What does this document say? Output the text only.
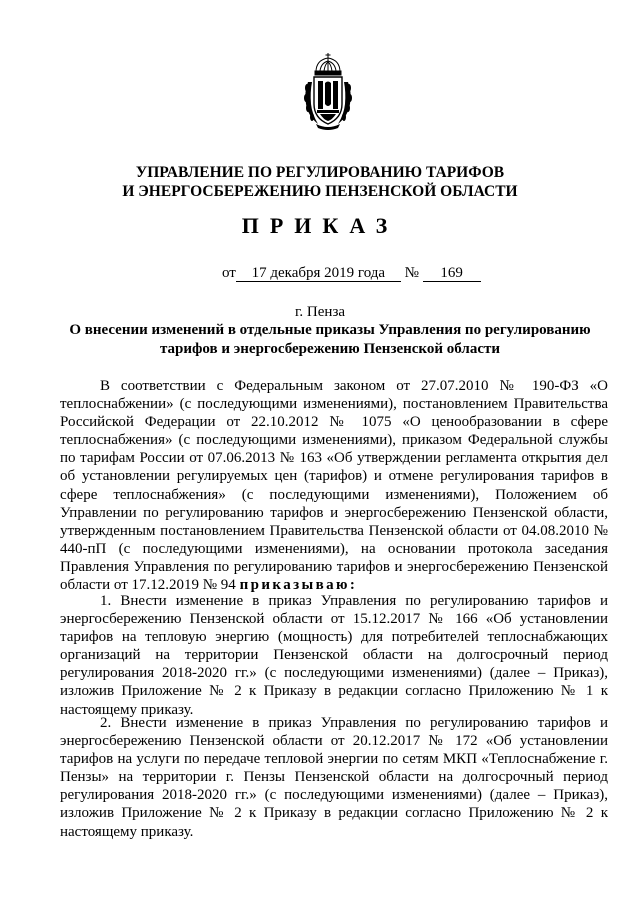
УПРАВЛЕНИЕ ПО РЕГУЛИРОВАНИЮ ТАРИФОВ
И ЭНЕРГОСБЕРЕЖЕНИЮ ПЕНЗЕНСКОЙ ОБЛАСТИ
ПРИКАЗ
от 17 декабря 2019 года № 169
г. Пенза
О внесении изменений в отдельные приказы Управления по регулированию тарифов и энергосбережению Пензенской области

В соответствии с Федеральным законом от 27.07.2010 № 190-ФЗ «О теплоснабжении» (с последующими изменениями), постановлением Правительства Российской Федерации от 22.10.2012 № 1075 «О ценообразовании в сфере теплоснабжения» (с последующими изменениями), приказом Федеральной службы по тарифам России от 07.06.2013 № 163 «Об утверждении регламента открытия дел об установлении регулируемых цен (тарифов) и отмене регулирования тарифов в сфере теплоснабжения» (с последующими изменениями), Положением об Управлении по регулированию тарифов и энергосбережению Пензенской области, утвержденным постановлением Правительства Пензенской области от 04.08.2010 № 440-пП (с последующими изменениями), на основании протокола заседания Правления Управления по регулированию тарифов и энергосбережению Пензенской области от 17.12.2019 № 94 приказываю:

1. Внести изменение в приказ Управления по регулированию тарифов и энергосбережению Пензенской области от 15.12.2017 № 166 «Об установлении тарифов на тепловую энергию (мощность) для потребителей теплоснабжающих организаций на территории Пензенской области на долгосрочный период регулирования 2018-2020 гг.» (с последующими изменениями) (далее – Приказ), изложив Приложение № 2 к Приказу в редакции согласно Приложению № 1 к настоящему приказу.

2. Внести изменение в приказ Управления по регулированию тарифов и энергосбережению Пензенской области от 20.12.2017 № 172 «Об установлении тарифов на услуги по передаче тепловой энергии по сетям МКП «Теплоснабжение г. Пензы» на территории г. Пензы Пензенской области на долгосрочный период регулирования 2018-2020 гг.» (с последующими изменениями) (далее – Приказ), изложив Приложение № 2 к Приказу в редакции согласно Приложению № 2 к настоящему приказу.
